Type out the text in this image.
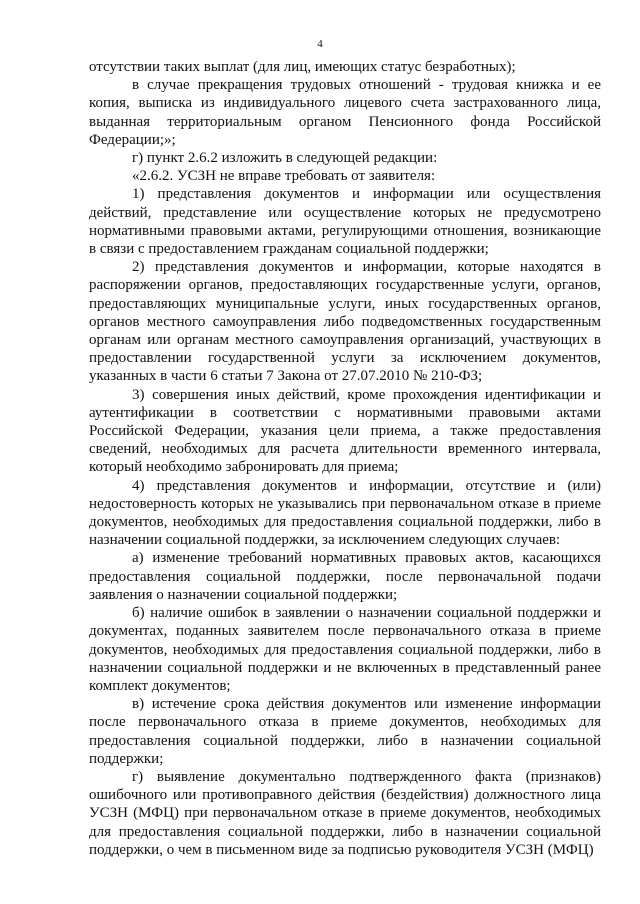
4

отсутствии таких выплат (для лиц, имеющих статус безработных);

в случае прекращения трудовых отношений - трудовая книжка и ее копия, выписка из индивидуального лицевого счета застрахованного лица, выданная территориальным органом Пенсионного фонда Российской Федерации;»;

г) пункт 2.6.2 изложить в следующей редакции:

«2.6.2. УСЗН не вправе требовать от заявителя:

1) представления документов и информации или осуществления действий, представление или осуществление которых не предусмотрено нормативными правовыми актами, регулирующими отношения, возникающие в связи с предоставлением гражданам социальной поддержки;

2) представления документов и информации, которые находятся в распоряжении органов, предоставляющих государственные услуги, органов, предоставляющих муниципальные услуги, иных государственных органов, органов местного самоуправления либо подведомственных государственным органам или органам местного самоуправления организаций, участвующих в предоставлении государственной услуги за исключением документов, указанных в части 6 статьи 7 Закона от 27.07.2010 № 210-ФЗ;

3) совершения иных действий, кроме прохождения идентификации и аутентификации в соответствии с нормативными правовыми актами Российской Федерации, указания цели приема, а также предоставления сведений, необходимых для расчета длительности временного интервала, который необходимо забронировать для приема;

4) представления документов и информации, отсутствие и (или) недостоверность которых не указывались при первоначальном отказе в приеме документов, необходимых для предоставления социальной поддержки, либо в назначении социальной поддержки, за исключением следующих случаев:

а) изменение требований нормативных правовых актов, касающихся предоставления социальной поддержки, после первоначальной подачи заявления о назначении социальной поддержки;

б) наличие ошибок в заявлении о назначении социальной поддержки и документах, поданных заявителем после первоначального отказа в приеме документов, необходимых для предоставления социальной поддержки, либо в назначении социальной поддержки и не включенных в представленный ранее комплект документов;

в) истечение срока действия документов или изменение информации после первоначального отказа в приеме документов, необходимых для предоставления социальной поддержки, либо в назначении социальной поддержки;

г) выявление документально подтвержденного факта (признаков) ошибочного или противоправного действия (бездействия) должностного лица УСЗН (МФЦ) при первоначальном отказе в приеме документов, необходимых для предоставления социальной поддержки, либо в назначении социальной поддержки, о чем в письменном виде за подписью руководителя УСЗН (МФЦ)
